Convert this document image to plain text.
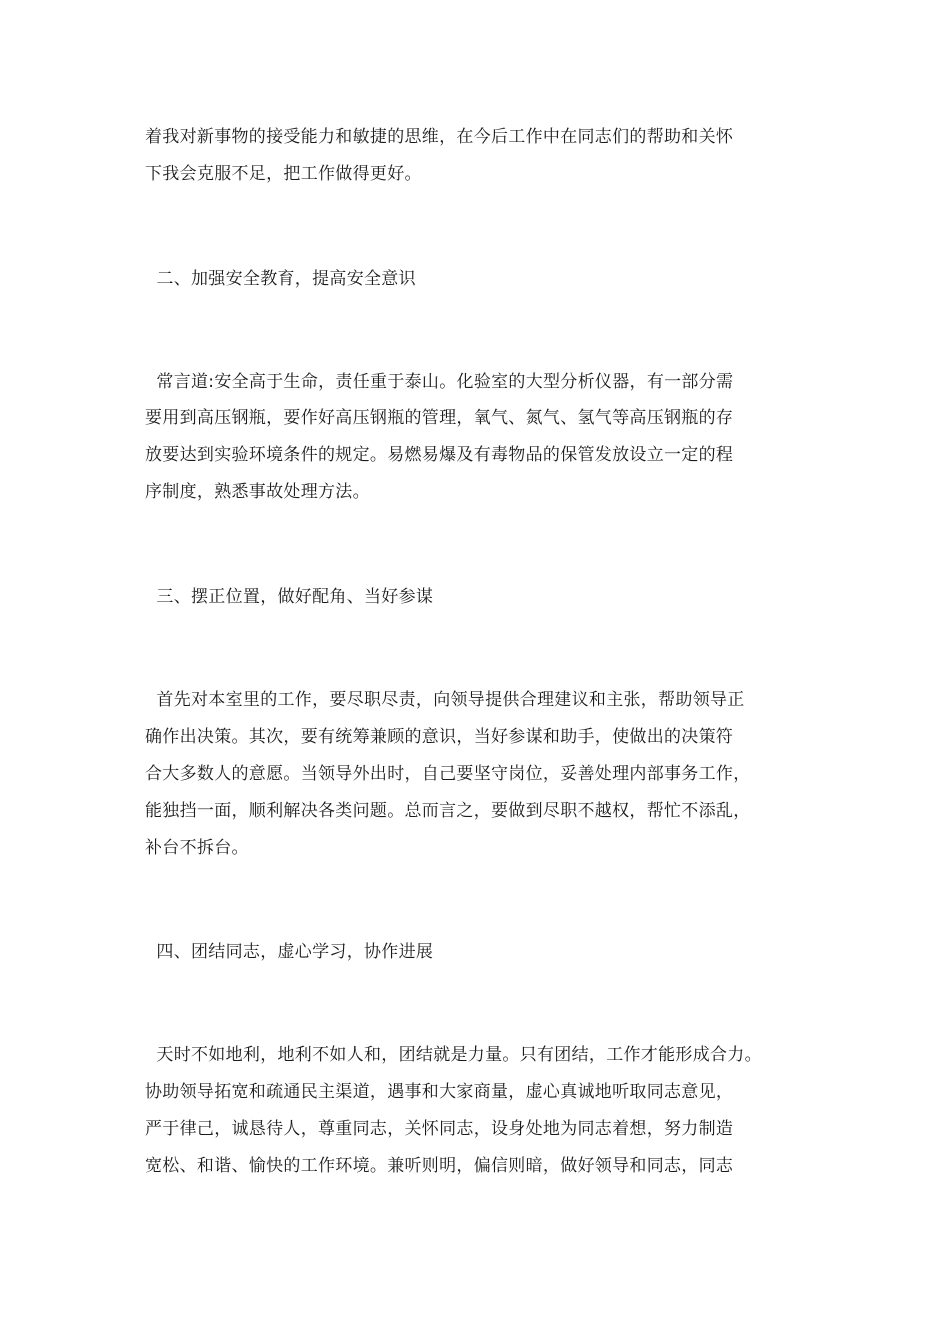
着我对新事物的接受能力和敏捷的思维，在今后工作中在同志们的帮助和关怀
下我会克服不足，把工作做得更好。
二、加强安全教育，提高安全意识
常言道:安全高于生命，责任重于泰山。化验室的大型分析仪器，有一部分需
要用到高压钢瓶，要作好高压钢瓶的管理，氧气、氮气、氢气等高压钢瓶的存
放要达到实验环境条件的规定。易燃易爆及有毒物品的保管发放设立一定的程
序制度，熟悉事故处理方法。
三、摆正位置，做好配角、当好参谋
首先对本室里的工作，要尽职尽责，向领导提供合理建议和主张，帮助领导正
确作出决策。其次，要有统筹兼顾的意识，当好参谋和助手，使做出的决策符
合大多数人的意愿。当领导外出时，自己要坚守岗位，妥善处理内部事务工作，
能独挡一面，顺利解决各类问题。总而言之，要做到尽职不越权，帮忙不添乱，
补台不拆台。
四、团结同志，虚心学习，协作进展
天时不如地利，地利不如人和，团结就是力量。只有团结，工作才能形成合力。
协助领导拓宽和疏通民主渠道，遇事和大家商量，虚心真诚地听取同志意见，
严于律己，诚恳待人，尊重同志，关怀同志，设身处地为同志着想，努力制造
宽松、和谐、愉快的工作环境。兼听则明，偏信则暗，做好领导和同志，同志
